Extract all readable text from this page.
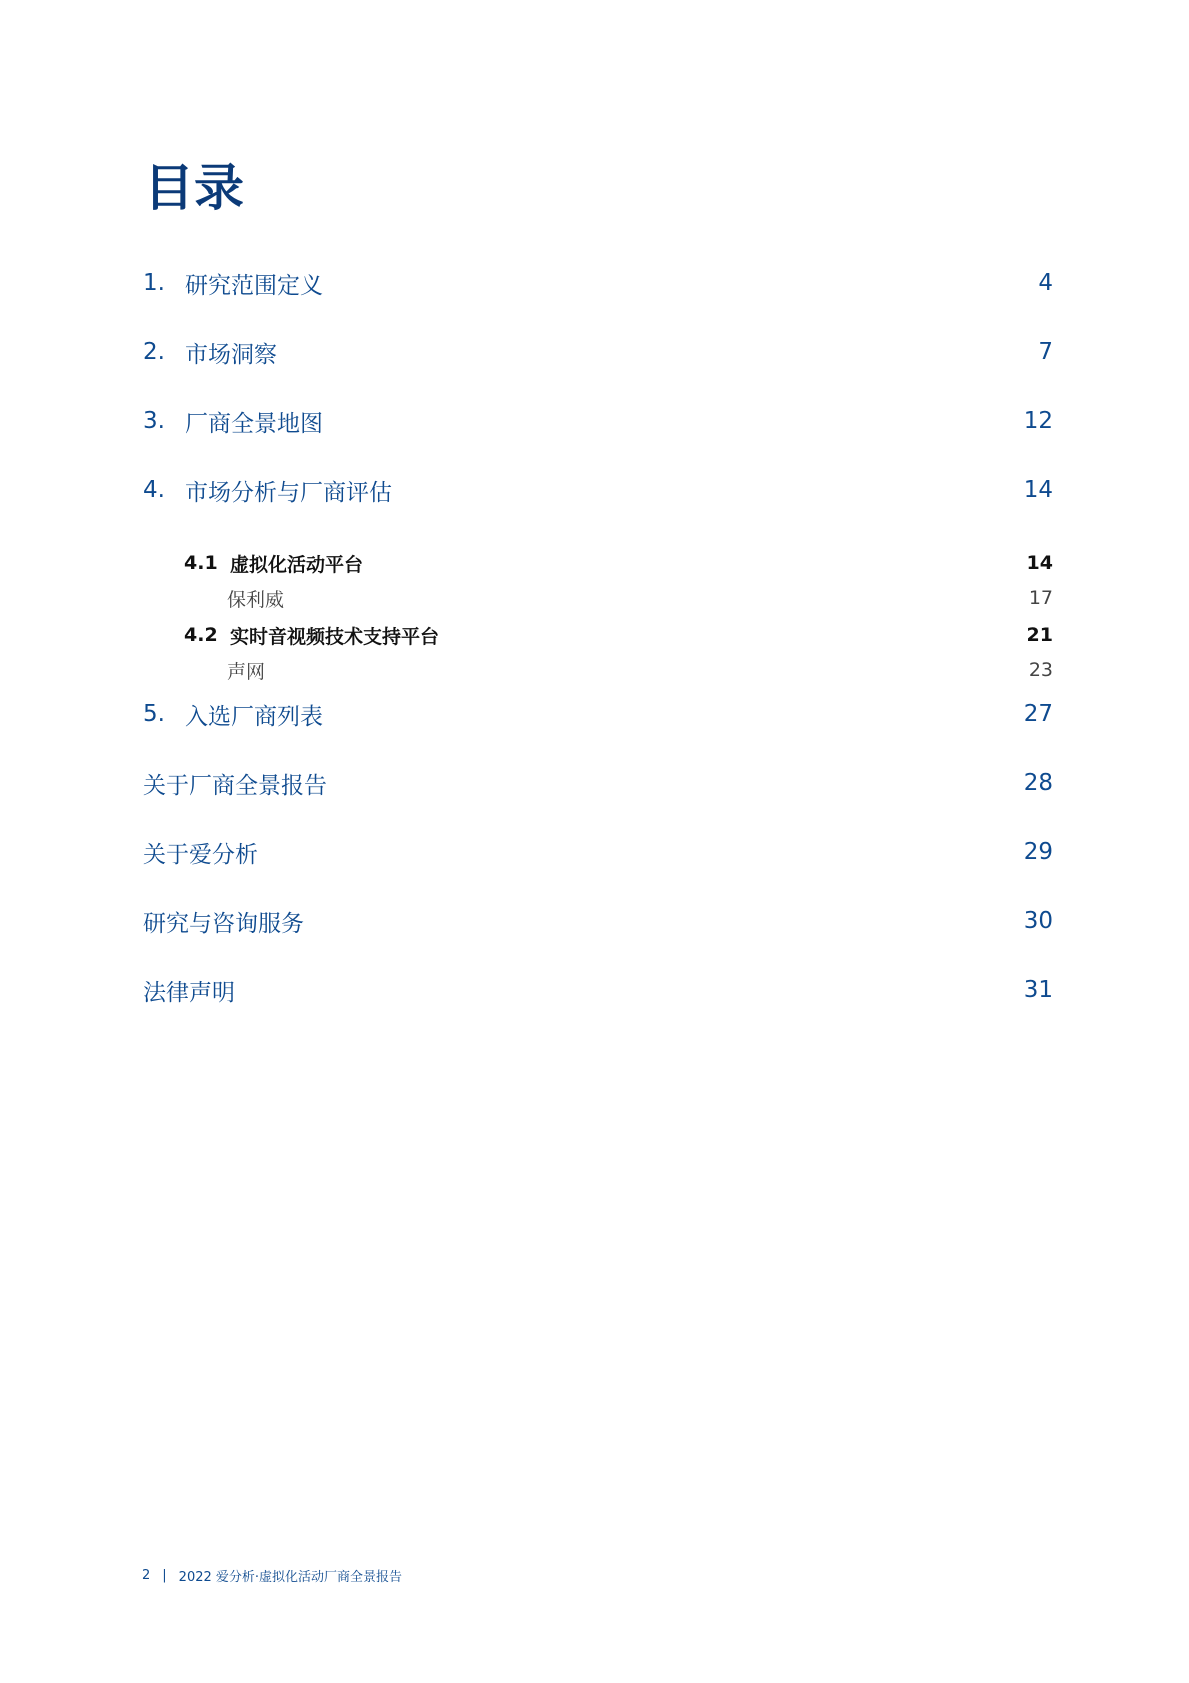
目录
1. 研究范围定义	4
2. 市场洞察	7
3. 厂商全景地图	12
4. 市场分析与厂商评估	14
4.1 虚拟化活动平台	14
保利威	17
4.2 实时音视频技术支持平台	21
声网	23
5. 入选厂商列表	27
关于厂商全景报告	28
关于爱分析	29
研究与咨询服务	30
法律声明	31
2 | 2022 爱分析·虚拟化活动厂商全景报告
